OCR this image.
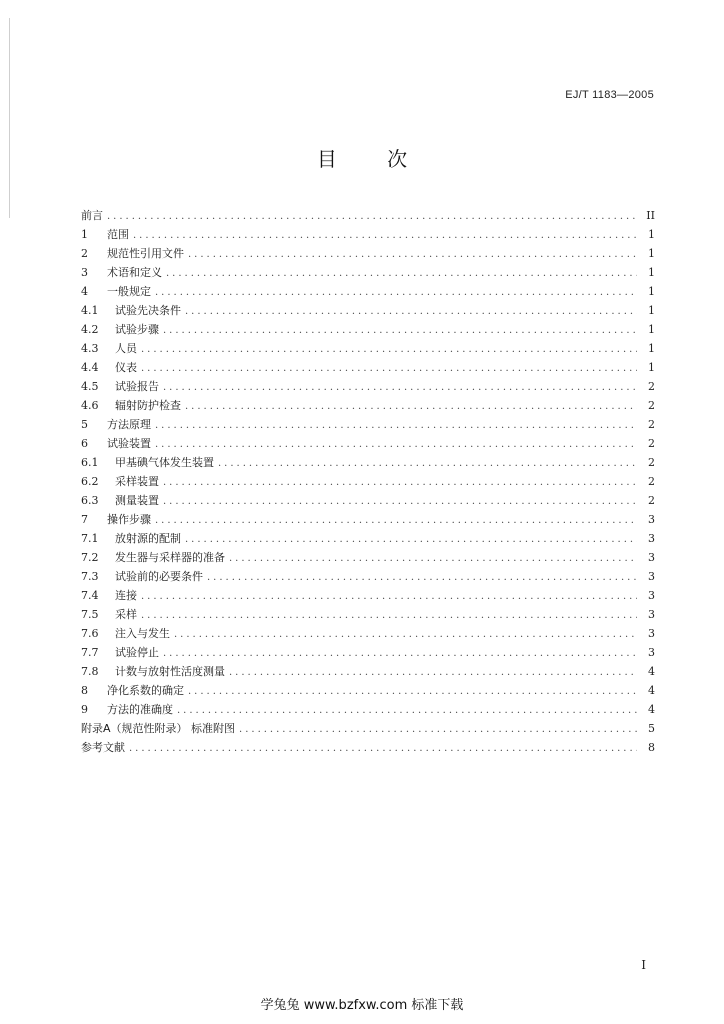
EJ/T 1183—2005
目 次
前言 .....	II
1	范围 .....	1
2	规范性引用文件 .....	1
3	术语和定义 .....	1
4	一般规定 .....	1
4.1	试验先决条件 .....	1
4.2	试验步骤 .....	1
4.3	人员 .....	1
4.4	仪表 .....	1
4.5	试验报告 .....	2
4.6	辐射防护检查 .....	2
5	方法原理 .....	2
6	试验装置 .....	2
6.1	甲基碘气体发生装置 .....	2
6.2	采样装置 .....	2
6.3	测量装置 .....	2
7	操作步骤 .....	3
7.1	放射源的配制 .....	3
7.2	发生器与采样器的准备 .....	3
7.3	试验前的必要条件 .....	3
7.4	连接 .....	3
7.5	采样 .....	3
7.6	注入与发生 .....	3
7.7	试验停止 .....	3
7.8	计数与放射性活度测量 .....	4
8	净化系数的确定 .....	4
9	方法的准确度 .....	4
附录A（规范性附录） 标准附图 .....	5
参考文献 .....	8
I
学兔兔 www.bzfxw.com 标准下载
